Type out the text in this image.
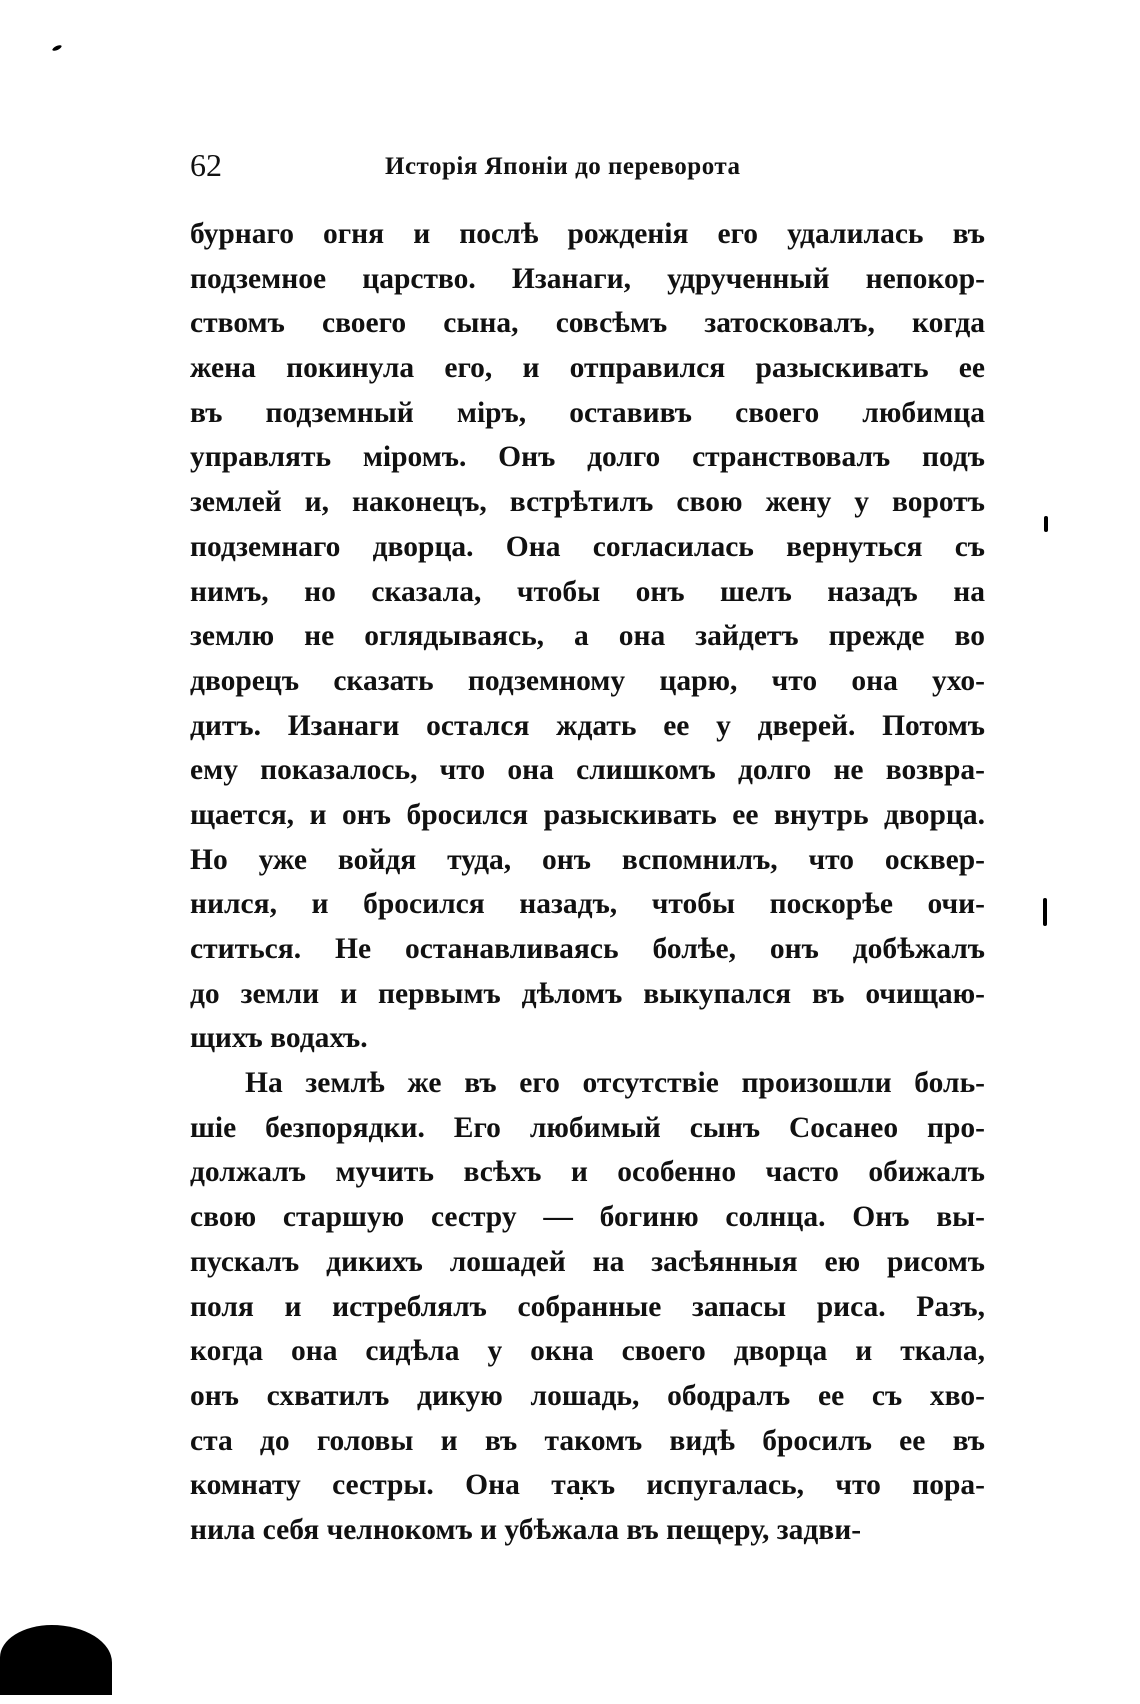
62	Исторія Японіи до переворота
бурнаго огня и послѣ рожденія его удалилась въ
подземное царство. Изанаги, удрученный непокор-
ствомъ своего сына, совсѣмъ затосковалъ, когда
жена покинула его, и отправился разыскивать ее
въ подземный міръ, оставивъ своего любимца
управлять міромъ. Онъ долго странствовалъ подъ
землей и, наконецъ, встрѣтилъ свою жену у воротъ
подземнаго дворца. Она согласилась вернуться съ
нимъ, но сказала, чтобы онъ шелъ назадъ на
землю не оглядываясь, а она зайдетъ прежде во
дворецъ сказать подземному царю, что она ухо-
дитъ. Изанаги остался ждать ее у дверей. Потомъ
ему показалось, что она слишкомъ долго не возвра-
щается, и онъ бросился разыскивать ее внутрь дворца.
Но уже войдя туда, онъ вспомнилъ, что осквер-
нился, и бросился назадъ, чтобы поскорѣе очи-
ститься. Не останавливаясь болѣе, онъ добѣжалъ
до земли и первымъ дѣломъ выкупался въ очищаю-
щихъ водахъ.
На землѣ же въ его отсутствіе произошли боль-
шіе безпорядки. Его любимый сынъ Сосанео про-
должалъ мучить всѣхъ и особенно часто обижалъ
свою старшую сестру — богиню солнца. Онъ вы-
пускалъ дикихъ лошадей на засѣянныя ею рисомъ
поля и истреблялъ собранные запасы риса. Разъ,
когда она сидѣла у окна своего дворца и ткала,
онъ схватилъ дикую лошадь, ободралъ ее съ хво-
ста до головы и въ такомъ видѣ бросилъ ее въ
комнату сестры. Она такъ испугалась, что пора-
нила себя челнокомъ и убѣжала въ пещеру, задви-
